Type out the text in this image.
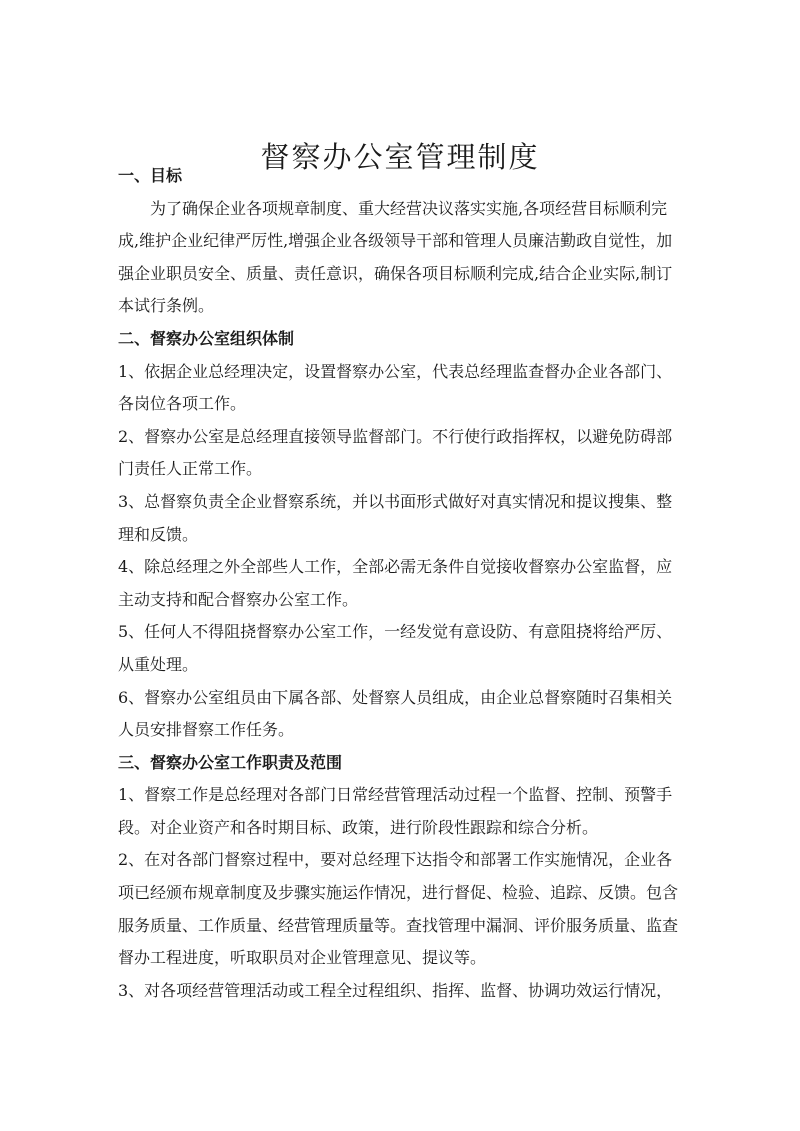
督察办公室管理制度

一、目标

为了确保企业各项规章制度、重大经营决议落实实施,各项经营目标顺利完成,维护企业纪律严厉性,增强企业各级领导干部和管理人员廉洁勤政自觉性，加强企业职员安全、质量、责任意识，确保各项目标顺利完成,结合企业实际,制订本试行条例。

二、督察办公室组织体制

1、依据企业总经理决定，设置督察办公室，代表总经理监查督办企业各部门、各岗位各项工作。

2、督察办公室是总经理直接领导监督部门。不行使行政指挥权，以避免防碍部门责任人正常工作。

3、总督察负责全企业督察系统，并以书面形式做好对真实情况和提议搜集、整理和反馈。

4、除总经理之外全部些人工作，全部必需无条件自觉接收督察办公室监督，应主动支持和配合督察办公室工作。

5、任何人不得阻挠督察办公室工作，一经发觉有意设防、有意阻挠将给严厉、从重处理。

6、督察办公室组员由下属各部、处督察人员组成，由企业总督察随时召集相关人员安排督察工作任务。

三、督察办公室工作职责及范围

1、督察工作是总经理对各部门日常经营管理活动过程一个监督、控制、预警手段。对企业资产和各时期目标、政策，进行阶段性跟踪和综合分析。

2、在对各部门督察过程中，要对总经理下达指令和部署工作实施情况，企业各项已经颁布规章制度及步骤实施运作情况，进行督促、检验、追踪、反馈。包含服务质量、工作质量、经营管理质量等。查找管理中漏洞、评价服务质量、监查督办工程进度，听取职员对企业管理意见、提议等。

3、对各项经营管理活动或工程全过程组织、指挥、监督、协调功效运行情况，
